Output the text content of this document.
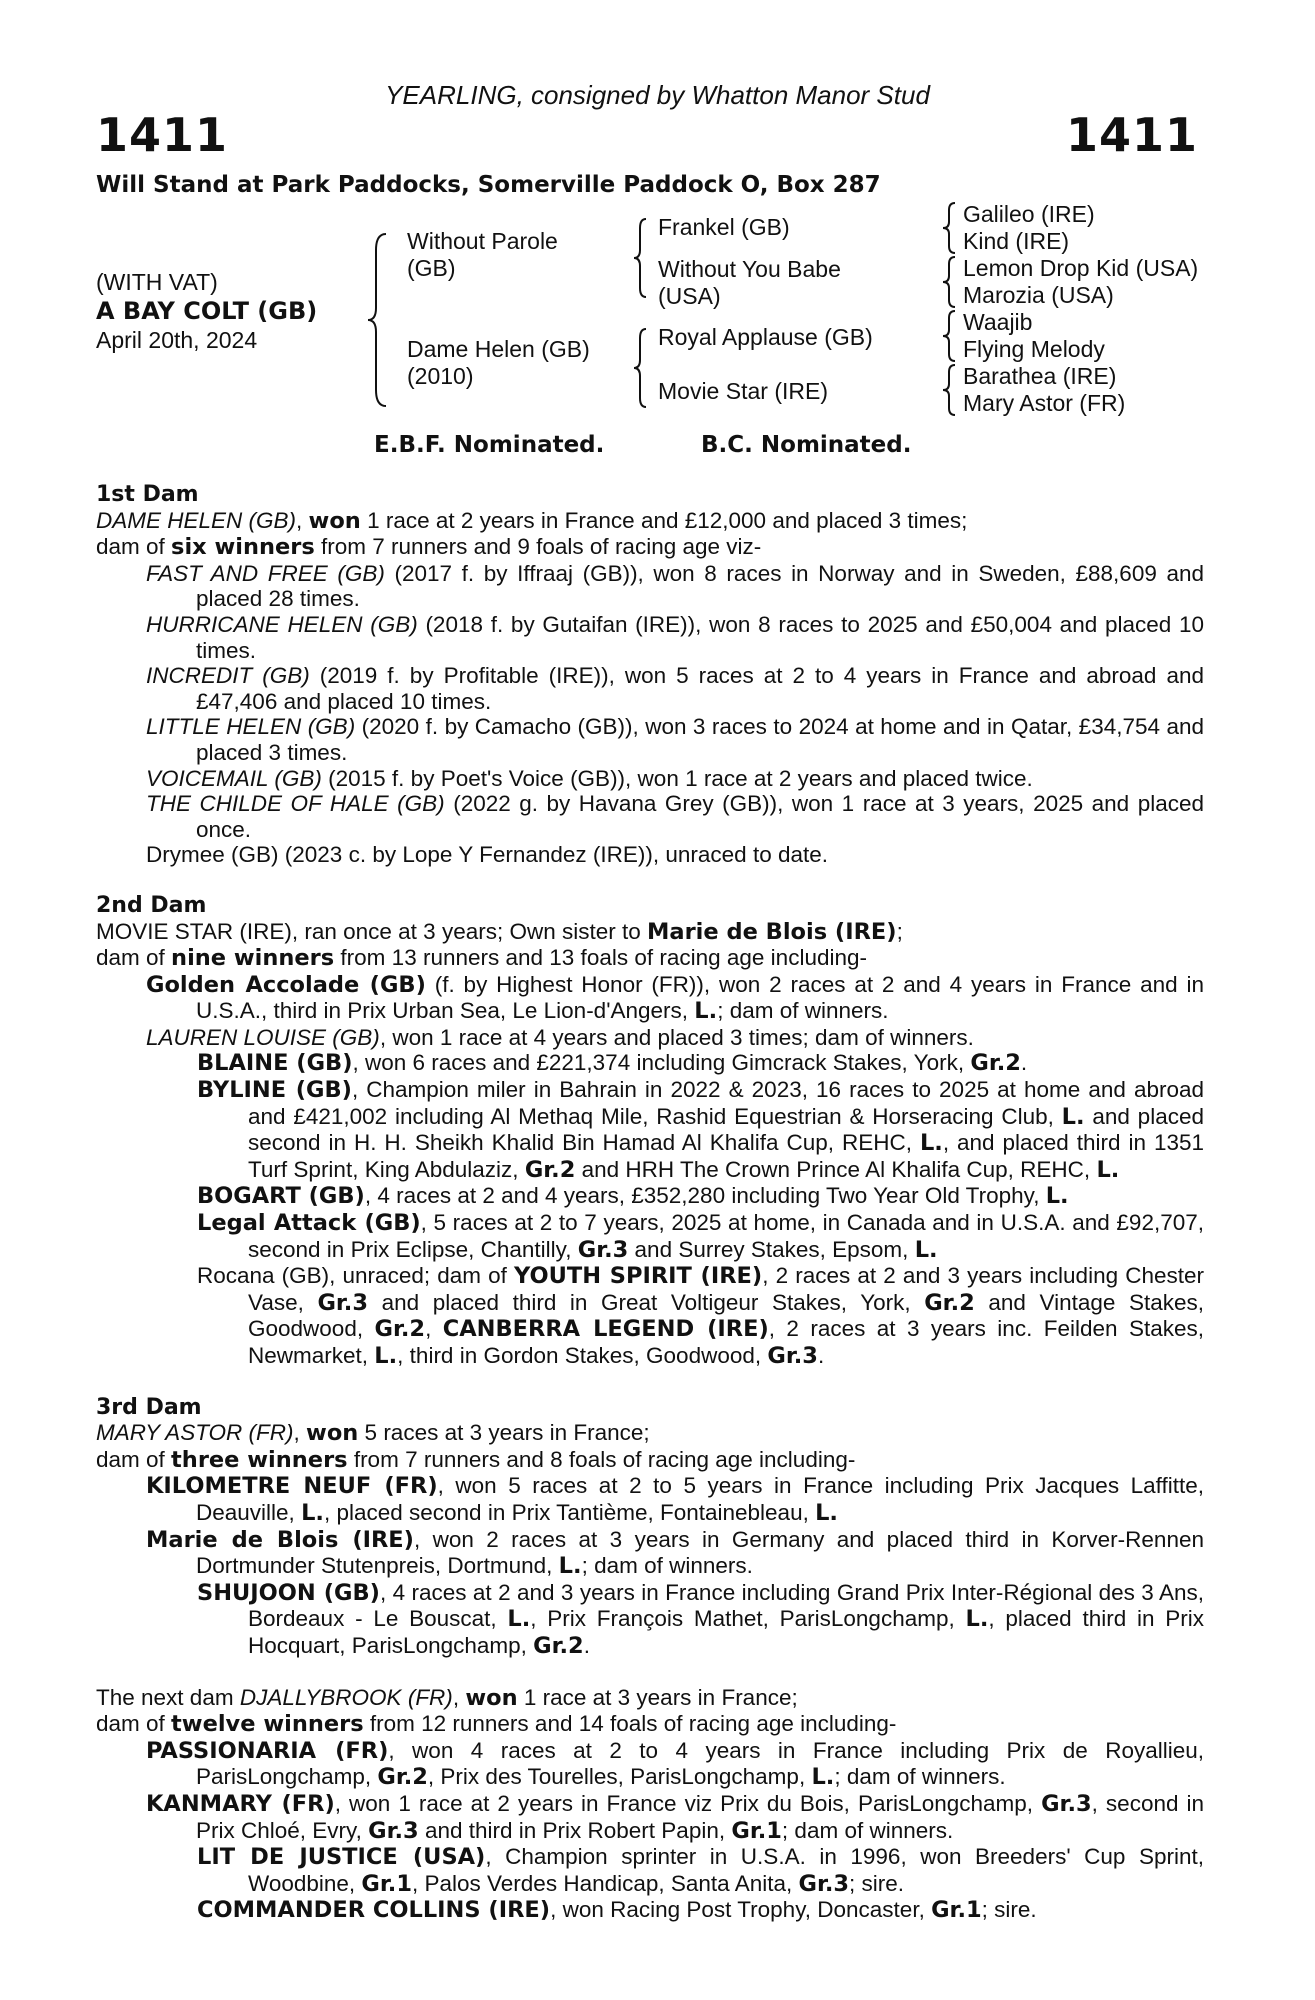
YEARLING, consigned by Whatton Manor Stud
1411	1411
Will Stand at Park Paddocks, Somerville Paddock O, Box 287
(WITH VAT)
A BAY COLT (GB)
April 20th, 2024
Without Parole
(GB)
Dame Helen (GB)
(2010)
Frankel (GB)
Without You Babe
(USA)
Royal Applause (GB)
Movie Star (IRE)
Galileo (IRE)
Kind (IRE)
Lemon Drop Kid (USA)
Marozia (USA)
Waajib
Flying Melody
Barathea (IRE)
Mary Astor (FR)
E.B.F. Nominated.	B.C. Nominated.

1st Dam

DAME HELEN (GB), won 1 race at 2 years in France and £12,000 and placed 3 times;

dam of six winners from 7 runners and 9 foals of racing age viz-

FAST AND FREE (GB) (2017 f. by Iffraaj (GB)), won 8 races in Norway and in Sweden, £88,609 and placed 28 times.

HURRICANE HELEN (GB) (2018 f. by Gutaifan (IRE)), won 8 races to 2025 and £50,004 and placed 10 times.

INCREDIT (GB) (2019 f. by Profitable (IRE)), won 5 races at 2 to 4 years in France and abroad and £47,406 and placed 10 times.

LITTLE HELEN (GB) (2020 f. by Camacho (GB)), won 3 races to 2024 at home and in Qatar, £34,754 and placed 3 times.

VOICEMAIL (GB) (2015 f. by Poet's Voice (GB)), won 1 race at 2 years and placed twice.

THE CHILDE OF HALE (GB) (2022 g. by Havana Grey (GB)), won 1 race at 3 years, 2025 and placed once.

Drymee (GB) (2023 c. by Lope Y Fernandez (IRE)), unraced to date.

2nd Dam

MOVIE STAR (IRE), ran once at 3 years; Own sister to Marie de Blois (IRE);

dam of nine winners from 13 runners and 13 foals of racing age including-

Golden Accolade (GB) (f. by Highest Honor (FR)), won 2 races at 2 and 4 years in France and in U.S.A., third in Prix Urban Sea, Le Lion-d'Angers, L.; dam of winners.

LAUREN LOUISE (GB), won 1 race at 4 years and placed 3 times; dam of winners.

BLAINE (GB), won 6 races and £221,374 including Gimcrack Stakes, York, Gr.2.

BYLINE (GB), Champion miler in Bahrain in 2022 & 2023, 16 races to 2025 at home and abroad and £421,002 including Al Methaq Mile, Rashid Equestrian & Horseracing Club, L. and placed second in H. H. Sheikh Khalid Bin Hamad Al Khalifa Cup, REHC, L., and placed third in 1351 Turf Sprint, King Abdulaziz, Gr.2 and HRH The Crown Prince Al Khalifa Cup, REHC, L.

BOGART (GB), 4 races at 2 and 4 years, £352,280 including Two Year Old Trophy, L.

Legal Attack (GB), 5 races at 2 to 7 years, 2025 at home, in Canada and in U.S.A. and £92,707, second in Prix Eclipse, Chantilly, Gr.3 and Surrey Stakes, Epsom, L.

Rocana (GB), unraced; dam of YOUTH SPIRIT (IRE), 2 races at 2 and 3 years including Chester Vase, Gr.3 and placed third in Great Voltigeur Stakes, York, Gr.2 and Vintage Stakes, Goodwood, Gr.2, CANBERRA LEGEND (IRE), 2 races at 3 years inc. Feilden Stakes, Newmarket, L., third in Gordon Stakes, Goodwood, Gr.3.

3rd Dam

MARY ASTOR (FR), won 5 races at 3 years in France;

dam of three winners from 7 runners and 8 foals of racing age including-

KILOMETRE NEUF (FR), won 5 races at 2 to 5 years in France including Prix Jacques Laffitte, Deauville, L., placed second in Prix Tantième, Fontainebleau, L.

Marie de Blois (IRE), won 2 races at 3 years in Germany and placed third in Korver-Rennen Dortmunder Stutenpreis, Dortmund, L.; dam of winners.

SHUJOON (GB), 4 races at 2 and 3 years in France including Grand Prix Inter-Régional des 3 Ans, Bordeaux - Le Bouscat, L., Prix François Mathet, ParisLongchamp, L., placed third in Prix Hocquart, ParisLongchamp, Gr.2.

The next dam DJALLYBROOK (FR), won 1 race at 3 years in France;

dam of twelve winners from 12 runners and 14 foals of racing age including-

PASSIONARIA (FR), won 4 races at 2 to 4 years in France including Prix de Royallieu, ParisLongchamp, Gr.2, Prix des Tourelles, ParisLongchamp, L.; dam of winners.

KANMARY (FR), won 1 race at 2 years in France viz Prix du Bois, ParisLongchamp, Gr.3, second in Prix Chloé, Evry, Gr.3 and third in Prix Robert Papin, Gr.1; dam of winners.

LIT DE JUSTICE (USA), Champion sprinter in U.S.A. in 1996, won Breeders' Cup Sprint, Woodbine, Gr.1, Palos Verdes Handicap, Santa Anita, Gr.3; sire.

COMMANDER COLLINS (IRE), won Racing Post Trophy, Doncaster, Gr.1; sire.
